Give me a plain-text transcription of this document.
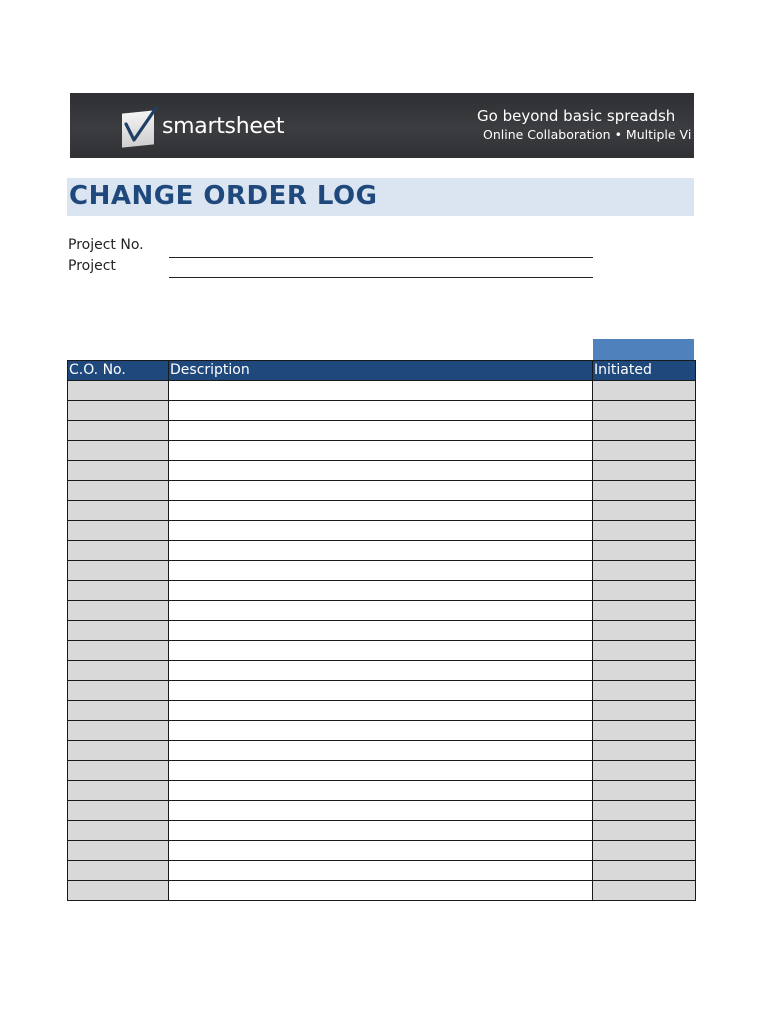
smartsheet	Go beyond basic spreadsh
Online Collaboration • Multiple Vi
CHANGE ORDER LOG
Project No.
Project
C.O. No.	Description	Initiated
